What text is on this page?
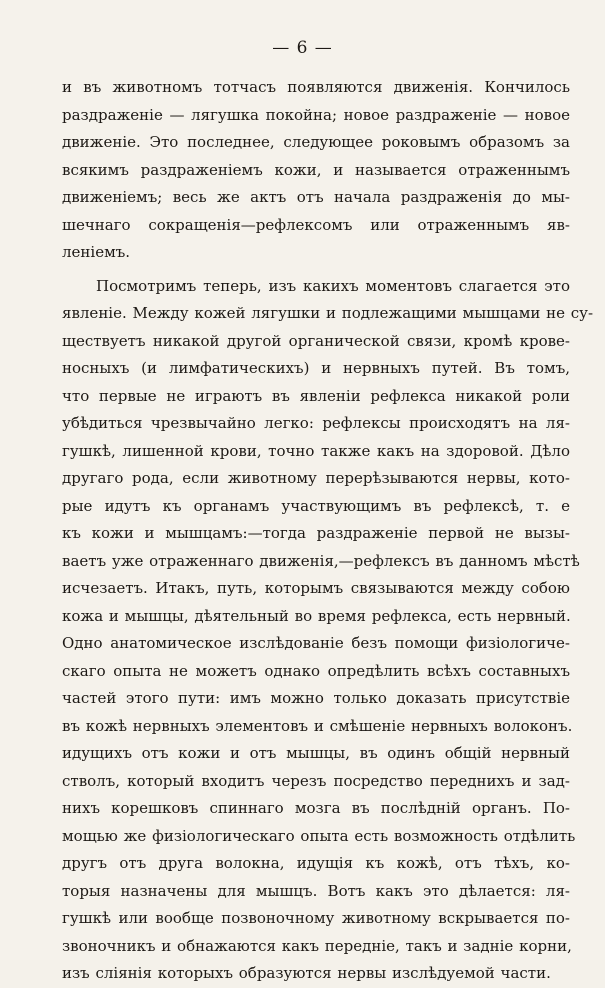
— 6 —
и въ животномъ тотчасъ появляются движенія. Кончилось
раздраженіе — лягушка покойна; новое раздраженіе — новое
движеніе. Это последнее, следующее роковымъ образомъ за
всякимъ раздраженіемъ кожи, и называется отраженнымъ
движеніемъ; весь же актъ отъ начала раздраженія до мы-
шечнаго сокращенія—рефлексомъ или отраженнымъ яв-
леніемъ.
Посмотримъ теперь, изъ какихъ моментовъ слагается это
явленіе. Между кожей лягушки и подлежащими мышцами не су-
ществуетъ никакой другой органической связи, кромѣ крове-
носныхъ (и лимфатическихъ) и нервныхъ путей. Въ томъ,
что первые не играютъ въ явленіи рефлекса никакой роли
убѣдиться чрезвычайно легко: рефлексы происходятъ на ля-
гушкѣ, лишенной крови, точно также какъ на здоровой. Дѣло
другаго рода, если животному перерѣзываются нервы, кото-
рые идутъ къ органамъ участвующимъ въ рефлексѣ, т. е
къ кожи и мышцамъ:—тогда раздраженіе первой не вызы-
ваетъ уже отраженнаго движенія,—рефлексъ въ данномъ мѣстѣ
исчезаетъ. Итакъ, путь, которымъ связываются между собою
кожа и мышцы, дѣятельный во время рефлекса, есть нервный.
Одно анатомическое изслѣдованіе безъ помощи физіологиче-
скаго опыта не можетъ однако опредѣлить всѣхъ составныхъ
частей этого пути: имъ можно только доказать присутствіе
въ кожѣ нервныхъ элементовъ и смѣшеніе нервныхъ волоконъ.
идущихъ отъ кожи и отъ мышцы, въ одинъ общій нервный
стволъ, который входитъ черезъ посредство переднихъ и зад-
нихъ корешковъ спиннаго мозга въ послѣдній органъ. По-
мощью же физіологическаго опыта есть возможность отдѣлить
другъ отъ друга волокна, идущія къ кожѣ, отъ тѣхъ, ко-
торыя назначены для мышцъ. Вотъ какъ это дѣлается: ля-
гушкѣ или вообще позвоночному животному вскрывается по-
звоночникъ и обнажаются какъ передніе, такъ и задніе корни,
изъ слiянія которыхъ образуются нервы изслѣдуемой части.
